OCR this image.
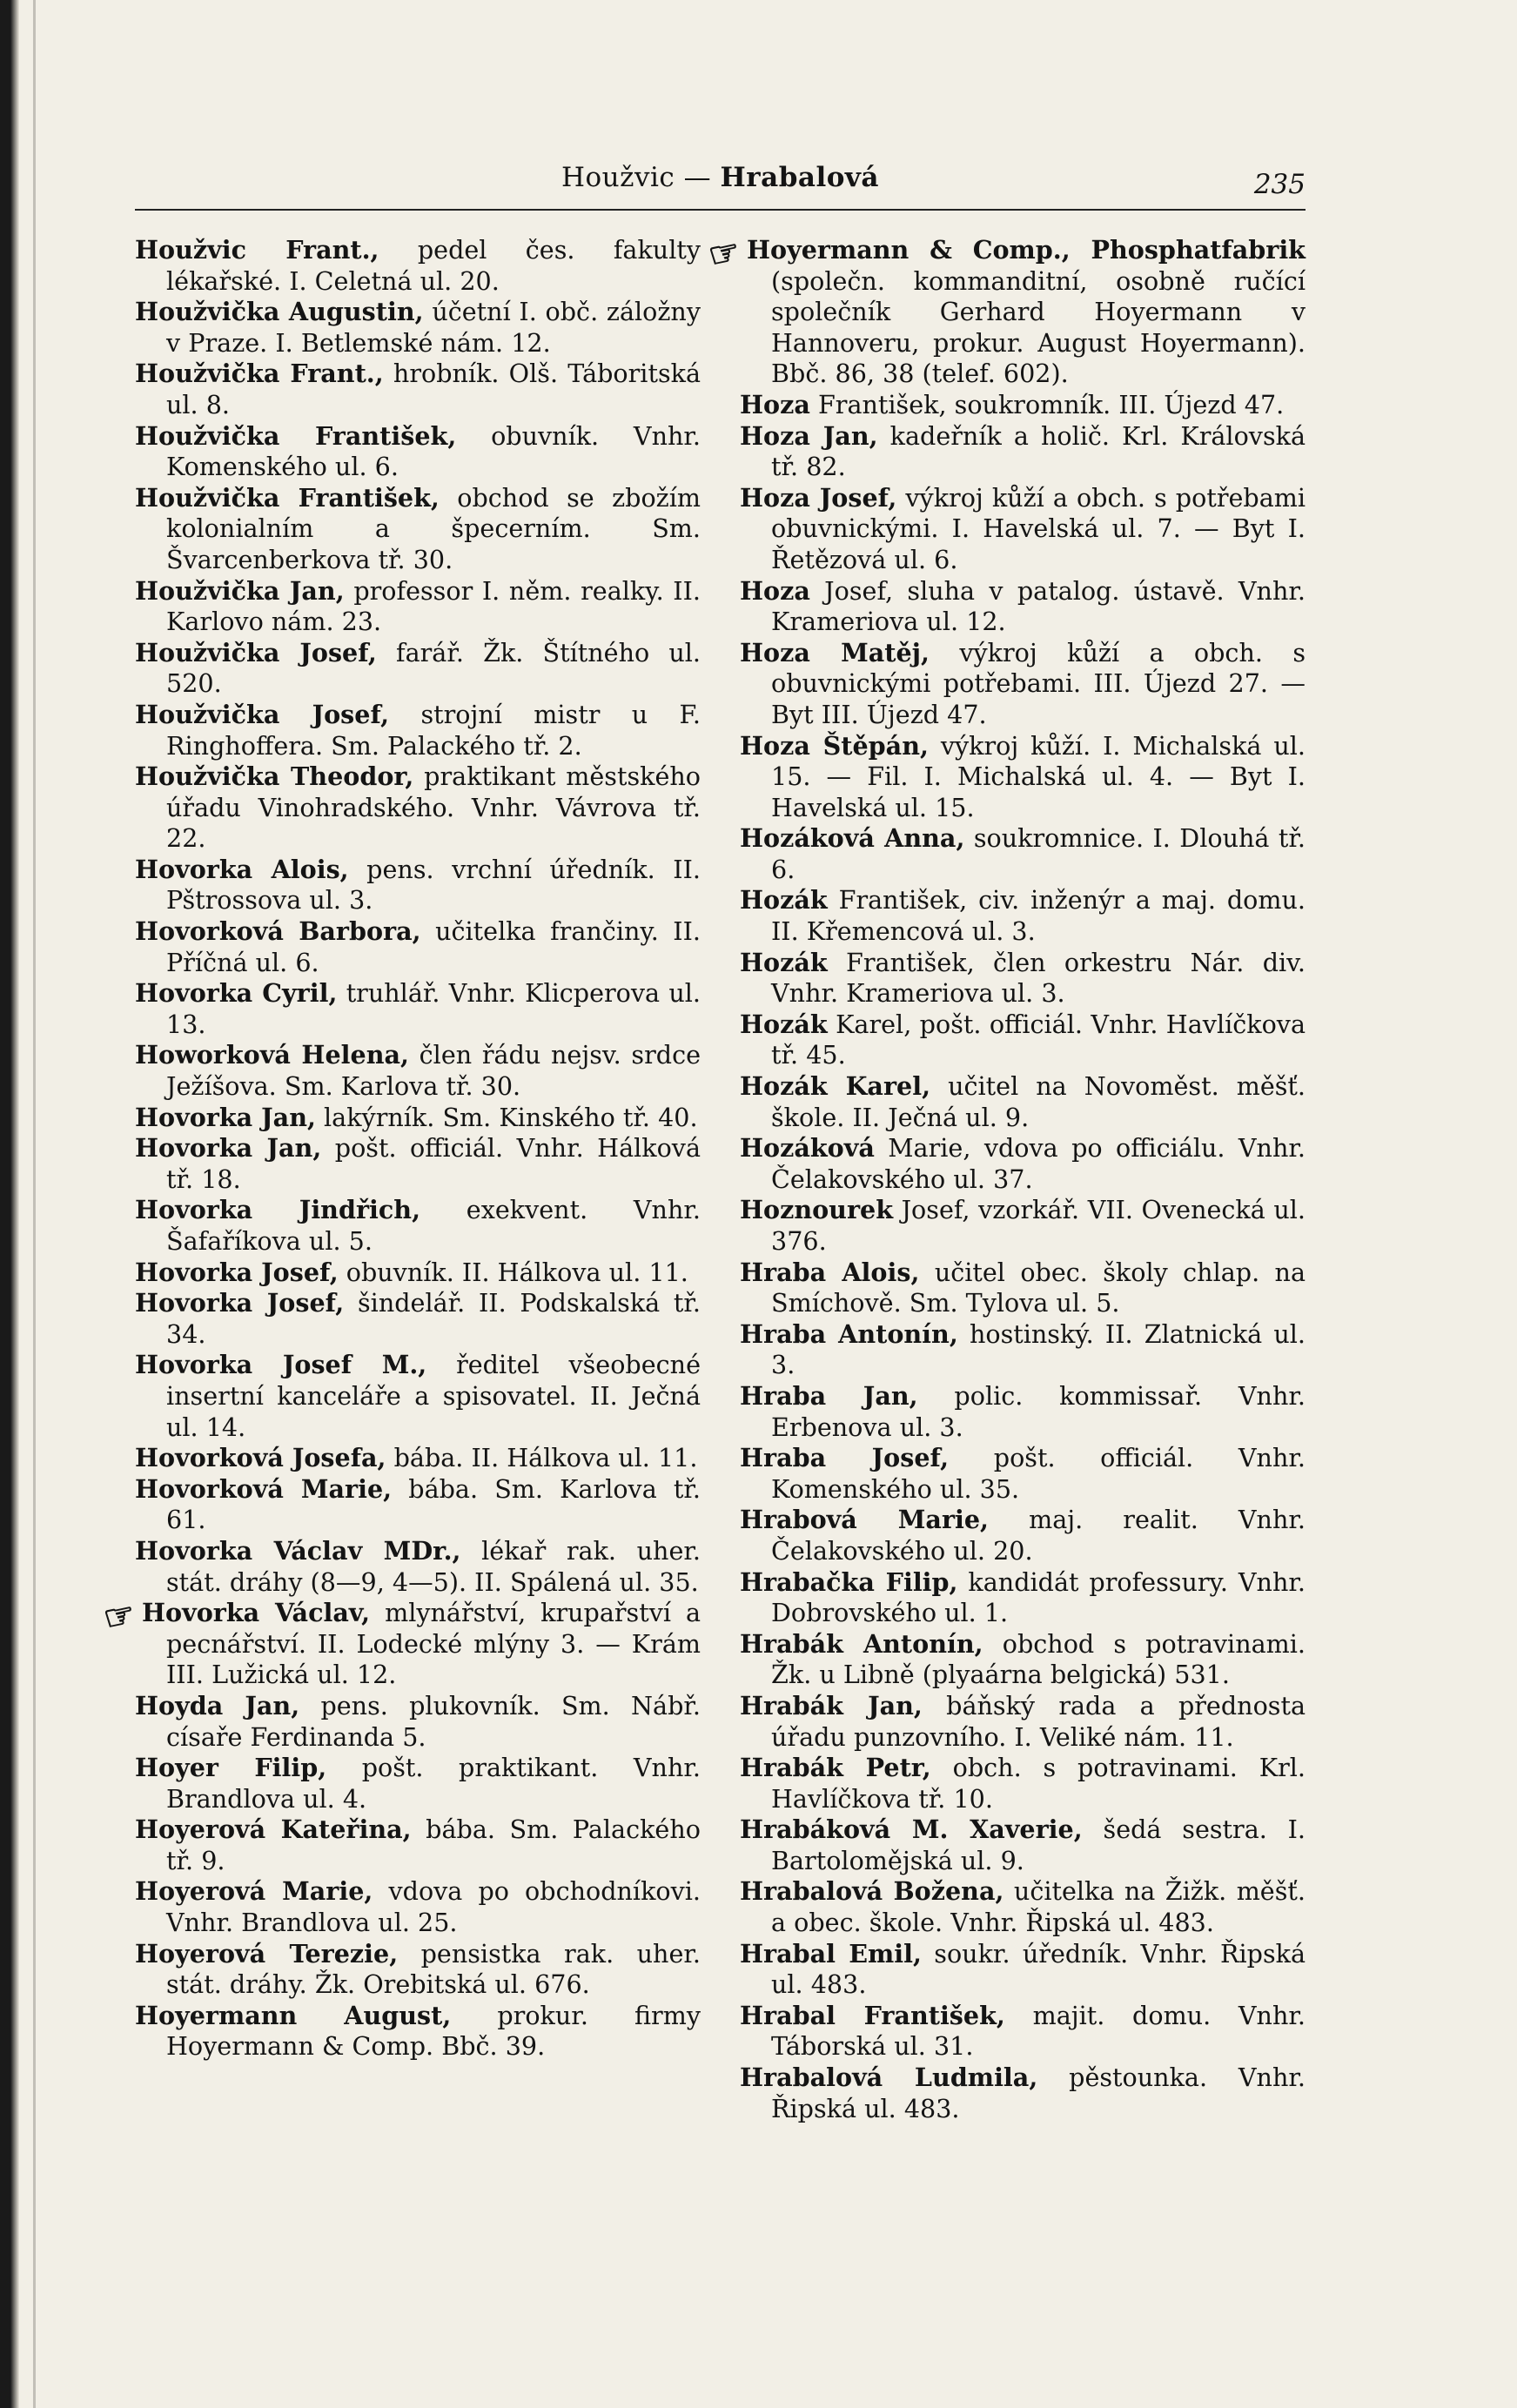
Houžvic — Hrabalová	235
Houžvic Frant., pedel čes. fakulty lékařské. I. Celetná ul. 20.
Houžvička Augustin, účetní I. obč. záložny v Praze. I. Betlemské nám. 12.
Houžvička Frant., hrobník. Olš. Táboritská ul. 8.
Houžvička František, obuvník. Vnhr. Komenského ul. 6.
Houžvička František, obchod se zbožím kolonialním a špecerním. Sm. Švarcenberkova tř. 30.
Houžvička Jan, professor I. něm. realky. II. Karlovo nám. 23.
Houžvička Josef, farář. Žk. Štítného ul. 520.
Houžvička Josef, strojní mistr u F. Ringhoffera. Sm. Palackého tř. 2.
Houžvička Theodor, praktikant městského úřadu Vinohradského. Vnhr. Vávrova tř. 22.
Hovorka Alois, pens. vrchní úředník. II. Pštrossova ul. 3.
Hovorková Barbora, učitelka frančiny. II. Příčná ul. 6.
Hovorka Cyril, truhlář. Vnhr. Klicperova ul. 13.
Howorková Helena, člen řádu nejsv. srdce Ježíšova. Sm. Karlova tř. 30.
Hovorka Jan, lakýrník. Sm. Kinského tř. 40.
Hovorka Jan, pošt. officiál. Vnhr. Hálková tř. 18.
Hovorka Jindřich, exekvent. Vnhr. Šafaříkova ul. 5.
Hovorka Josef, obuvník. II. Hálkova ul. 11.
Hovorka Josef, šindelář. II. Podskalská tř. 34.
Hovorka Josef M., ředitel všeobecné insertní kanceláře a spisovatel. II. Ječná ul. 14.
Hovorková Josefa, bába. II. Hálkova ul. 11.
Hovorková Marie, bába. Sm. Karlova tř. 61.
Hovorka Václav MDr., lékař rak. uher. stát. dráhy (8—9, 4—5). II. Spálená ul. 35.
☞ Hovorka Václav, mlynářství, krupařství a pecnářství. II. Lodecké mlýny 3. — Krám III. Lužická ul. 12.
Hoyda Jan, pens. plukovník. Sm. Nábř. císaře Ferdinanda 5.
Hoyer Filip, pošt. praktikant. Vnhr. Brandlova ul. 4.
Hoyerová Kateřina, bába. Sm. Palackého tř. 9.
Hoyerová Marie, vdova po obchodníkovi. Vnhr. Brandlova ul. 25.
Hoyerová Terezie, pensistka rak. uher. stát. dráhy. Žk. Orebitská ul. 676.
Hoyermann August, prokur. firmy Hoyermann & Comp. Bbč. 39.
☞ Hoyermann & Comp., Phosphatfabrik (společn. kommanditní, osobně ručící společník Gerhard Hoyermann v Hannoveru, prokur. August Hoyermann). Bbč. 86, 38 (telef. 602).
Hoza František, soukromník. III. Újezd 47.
Hoza Jan, kadeřník a holič. Krl. Královská tř. 82.
Hoza Josef, výkroj kůží a obch. s potřebami obuvnickými. I. Havelská ul. 7. — Byt I. Řetězová ul. 6.
Hoza Josef, sluha v patalog. ústavě. Vnhr. Krameriova ul. 12.
Hoza Matěj, výkroj kůží a obch. s obuvnickými potřebami. III. Újezd 27. — Byt III. Újezd 47.
Hoza Štěpán, výkroj kůží. I. Michalská ul. 15. — Fil. I. Michalská ul. 4. — Byt I. Havelská ul. 15.
Hozáková Anna, soukromnice. I. Dlouhá tř. 6.
Hozák František, civ. inženýr a maj. domu. II. Křemencová ul. 3.
Hozák František, člen orkestru Nár. div. Vnhr. Krameriova ul. 3.
Hozák Karel, pošt. officiál. Vnhr. Havlíčkova tř. 45.
Hozák Karel, učitel na Novoměst. měšť. škole. II. Ječná ul. 9.
Hozáková Marie, vdova po officiálu. Vnhr. Čelakovského ul. 37.
Hoznourek Josef, vzorkář. VII. Ovenecká ul. 376.
Hraba Alois, učitel obec. školy chlap. na Smíchově. Sm. Tylova ul. 5.
Hraba Antonín, hostinský. II. Zlatnická ul. 3.
Hraba Jan, polic. kommissař. Vnhr. Erbenova ul. 3.
Hraba Josef, pošt. officiál. Vnhr. Komenského ul. 35.
Hrabová Marie, maj. realit. Vnhr. Čelakovského ul. 20.
Hrabačka Filip, kandidát professury. Vnhr. Dobrovského ul. 1.
Hrabák Antonín, obchod s potravinami. Žk. u Libně (plyaárna belgická) 531.
Hrabák Jan, báňský rada a přednosta úřadu punzovního. I. Veliké nám. 11.
Hrabák Petr, obch. s potravinami. Krl. Havlíčkova tř. 10.
Hrabáková M. Xaverie, šedá sestra. I. Bartolomějská ul. 9.
Hrabalová Božena, učitelka na Žižk. měšť. a obec. škole. Vnhr. Řipská ul. 483.
Hrabal Emil, soukr. úředník. Vnhr. Řipská ul. 483.
Hrabal František, majit. domu. Vnhr. Táborská ul. 31.
Hrabalová Ludmila, pěstounka. Vnhr. Řipská ul. 483.
